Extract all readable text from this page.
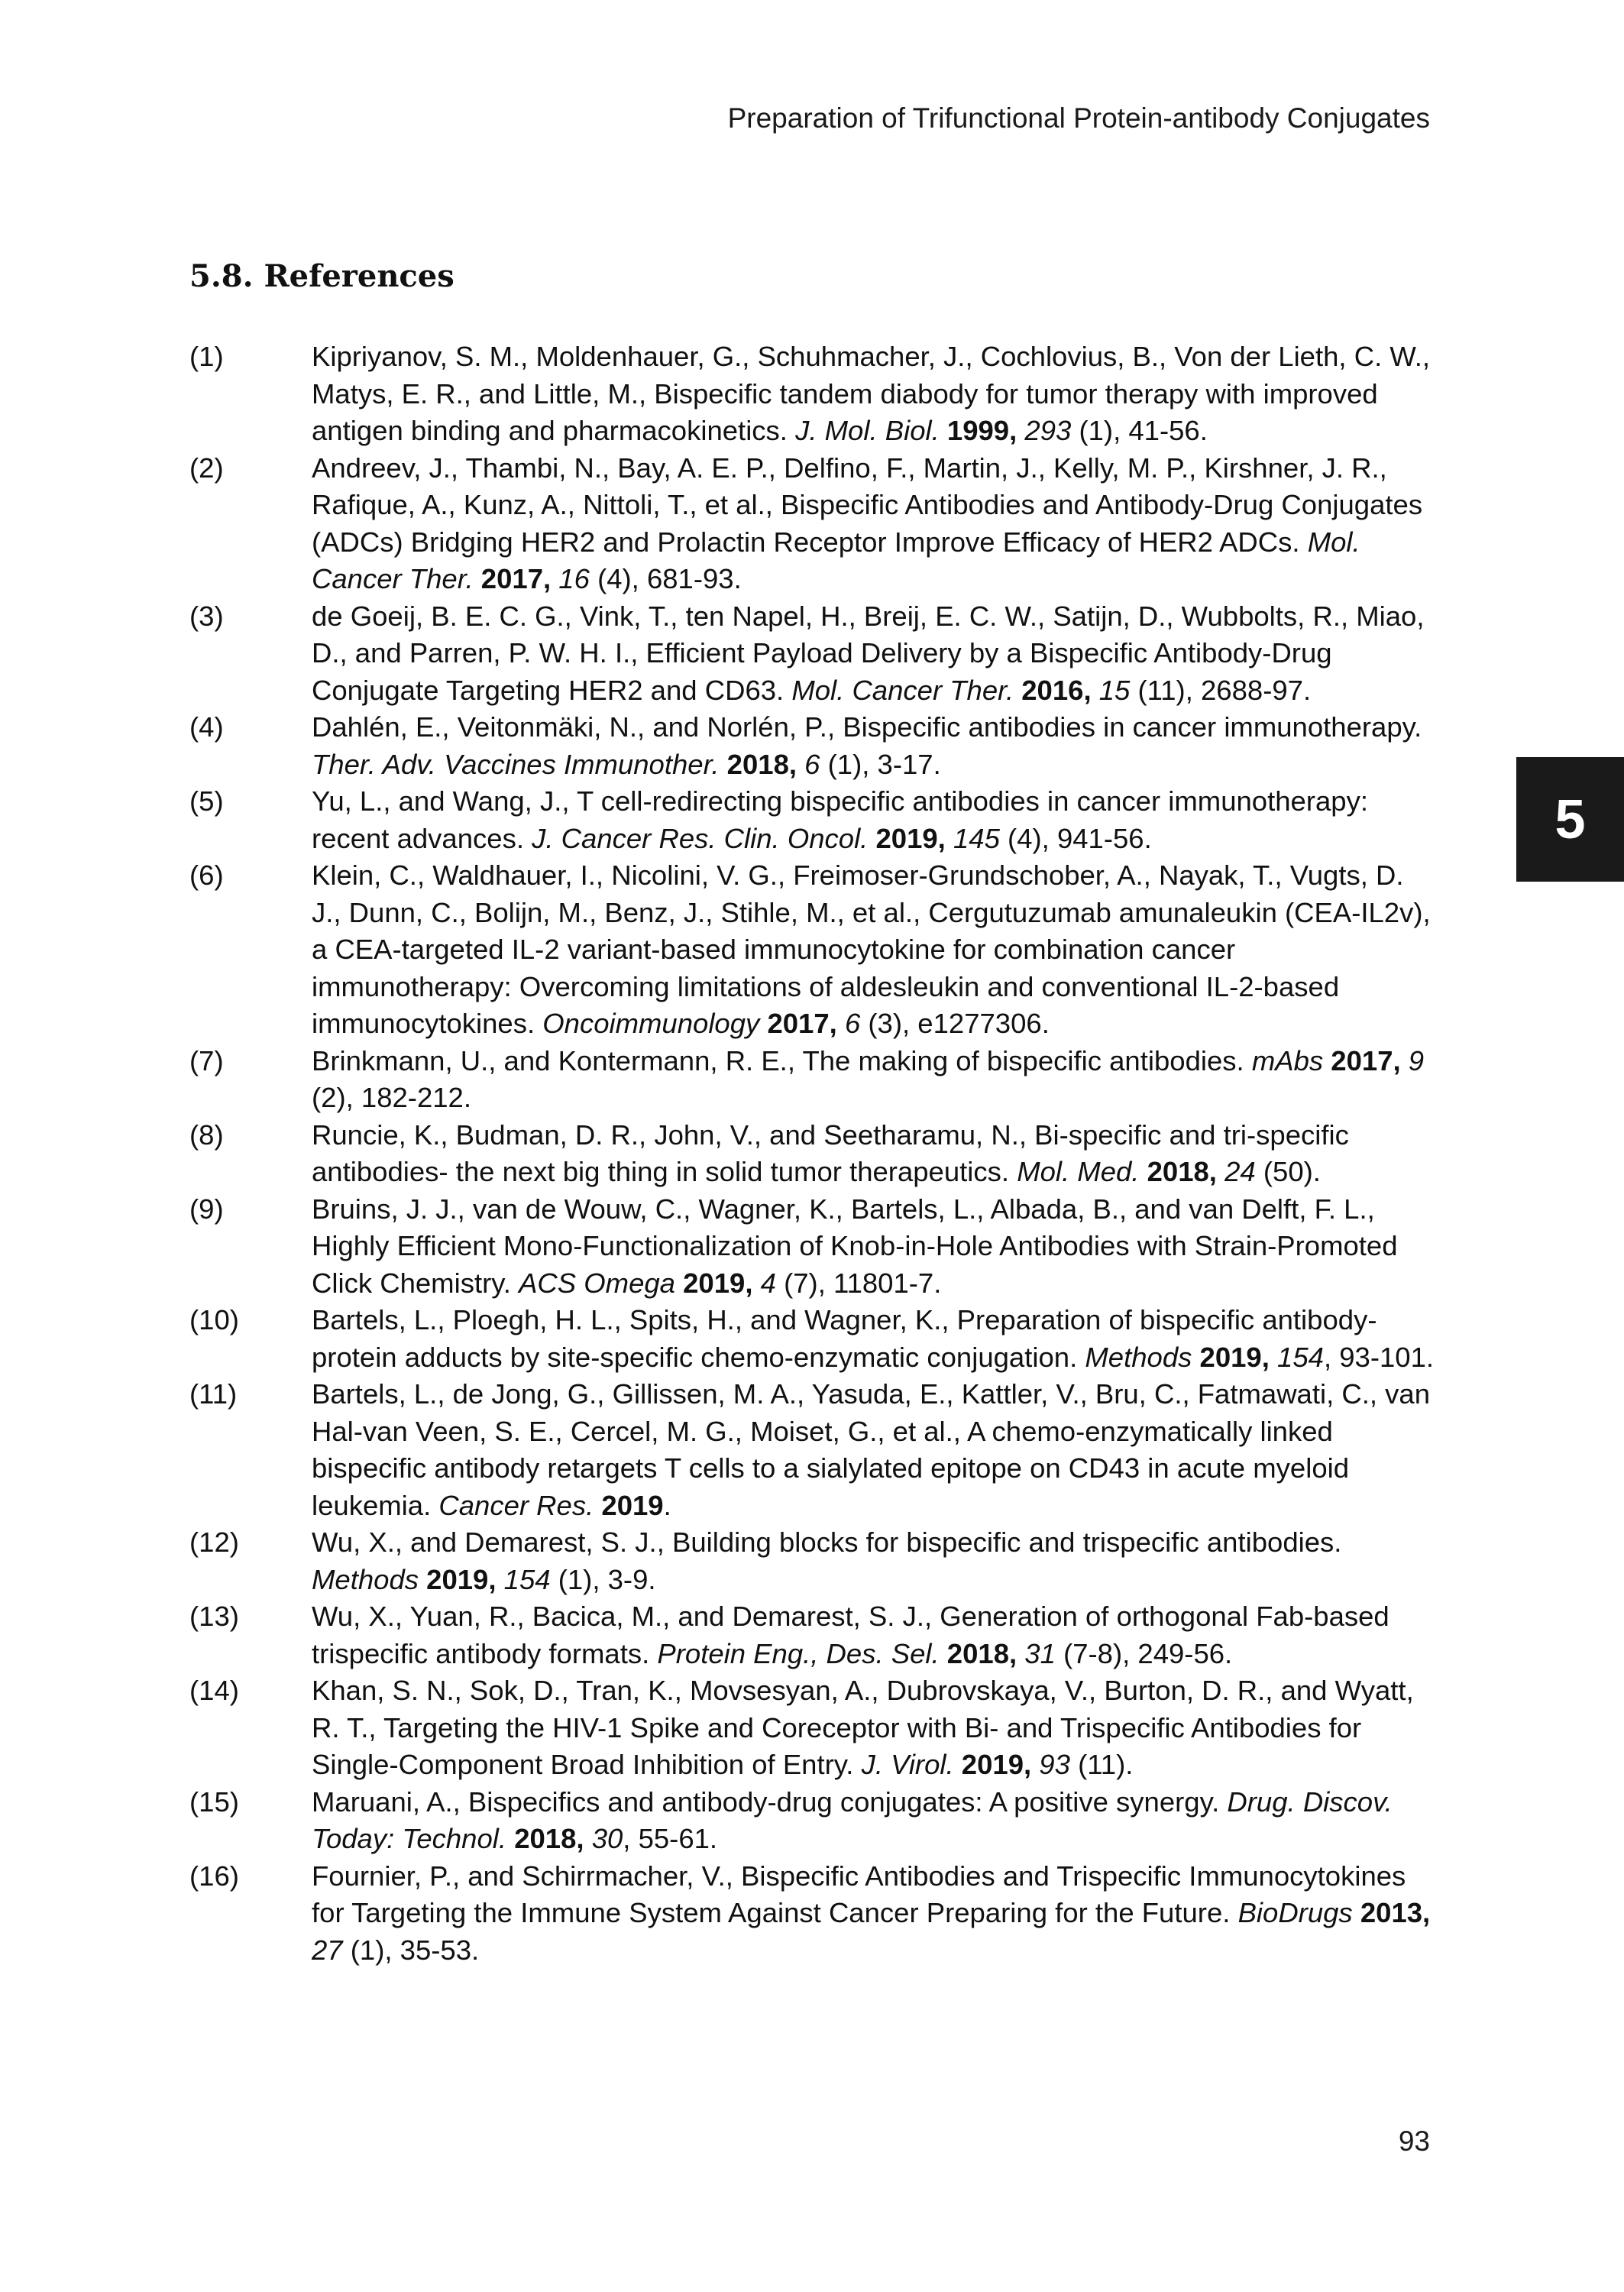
Preparation of Trifunctional Protein-antibody Conjugates
5.8. References
(1)	Kipriyanov, S. M., Moldenhauer, G., Schuhmacher, J., Cochlovius, B., Von der Lieth, C. W., Matys, E. R., and Little, M., Bispecific tandem diabody for tumor therapy with improved antigen binding and pharmacokinetics. J. Mol. Biol. 1999, 293 (1), 41-56.
(2)	Andreev, J., Thambi, N., Bay, A. E. P., Delfino, F., Martin, J., Kelly, M. P., Kirshner, J. R., Rafique, A., Kunz, A., Nittoli, T., et al., Bispecific Antibodies and Antibody-Drug Conjugates (ADCs) Bridging HER2 and Prolactin Receptor Improve Efficacy of HER2 ADCs. Mol. Cancer Ther. 2017, 16 (4), 681-93.
(3)	de Goeij, B. E. C. G., Vink, T., ten Napel, H., Breij, E. C. W., Satijn, D., Wubbolts, R., Miao, D., and Parren, P. W. H. I., Efficient Payload Delivery by a Bispecific Antibody-Drug Conjugate Targeting HER2 and CD63. Mol. Cancer Ther. 2016, 15 (11), 2688-97.
(4)	Dahlén, E., Veitonmäki, N., and Norlén, P., Bispecific antibodies in cancer immunotherapy. Ther. Adv. Vaccines Immunother. 2018, 6 (1), 3-17.
(5)	Yu, L., and Wang, J., T cell-redirecting bispecific antibodies in cancer immunotherapy: recent advances. J. Cancer Res. Clin. Oncol. 2019, 145 (4), 941-56.
(6)	Klein, C., Waldhauer, I., Nicolini, V. G., Freimoser-Grundschober, A., Nayak, T., Vugts, D. J., Dunn, C., Bolijn, M., Benz, J., Stihle, M., et al., Cergutuzumab amunaleukin (CEA-IL2v), a CEA-targeted IL-2 variant-based immunocytokine for combination cancer immunotherapy: Overcoming limitations of aldesleukin and conventional IL-2-based immunocytokines. Oncoimmunology 2017, 6 (3), e1277306.
(7)	Brinkmann, U., and Kontermann, R. E., The making of bispecific antibodies. mAbs 2017, 9 (2), 182-212.
(8)	Runcie, K., Budman, D. R., John, V., and Seetharamu, N., Bi-specific and tri-specific antibodies- the next big thing in solid tumor therapeutics. Mol. Med. 2018, 24 (50).
(9)	Bruins, J. J., van de Wouw, C., Wagner, K., Bartels, L., Albada, B., and van Delft, F. L., Highly Efficient Mono-Functionalization of Knob-in-Hole Antibodies with Strain-Promoted Click Chemistry. ACS Omega 2019, 4 (7), 11801-7.
(10)	Bartels, L., Ploegh, H. L., Spits, H., and Wagner, K., Preparation of bispecific antibody-protein adducts by site-specific chemo-enzymatic conjugation. Methods 2019, 154, 93-101.
(11)	Bartels, L., de Jong, G., Gillissen, M. A., Yasuda, E., Kattler, V., Bru, C., Fatmawati, C., van Hal-van Veen, S. E., Cercel, M. G., Moiset, G., et al., A chemo-enzymatically linked bispecific antibody retargets T cells to a sialylated epitope on CD43 in acute myeloid leukemia. Cancer Res. 2019.
(12)	Wu, X., and Demarest, S. J., Building blocks for bispecific and trispecific antibodies. Methods 2019, 154 (1), 3-9.
(13)	Wu, X., Yuan, R., Bacica, M., and Demarest, S. J., Generation of orthogonal Fab-based trispecific antibody formats. Protein Eng., Des. Sel. 2018, 31 (7-8), 249-56.
(14)	Khan, S. N., Sok, D., Tran, K., Movsesyan, A., Dubrovskaya, V., Burton, D. R., and Wyatt, R. T., Targeting the HIV-1 Spike and Coreceptor with Bi- and Trispecific Antibodies for Single-Component Broad Inhibition of Entry. J. Virol. 2019, 93 (11).
(15)	Maruani, A., Bispecifics and antibody-drug conjugates: A positive synergy. Drug. Discov. Today: Technol. 2018, 30, 55-61.
(16)	Fournier, P., and Schirrmacher, V., Bispecific Antibodies and Trispecific Immunocytokines for Targeting the Immune System Against Cancer Preparing for the Future. BioDrugs 2013, 27 (1), 35-53.
5
93
